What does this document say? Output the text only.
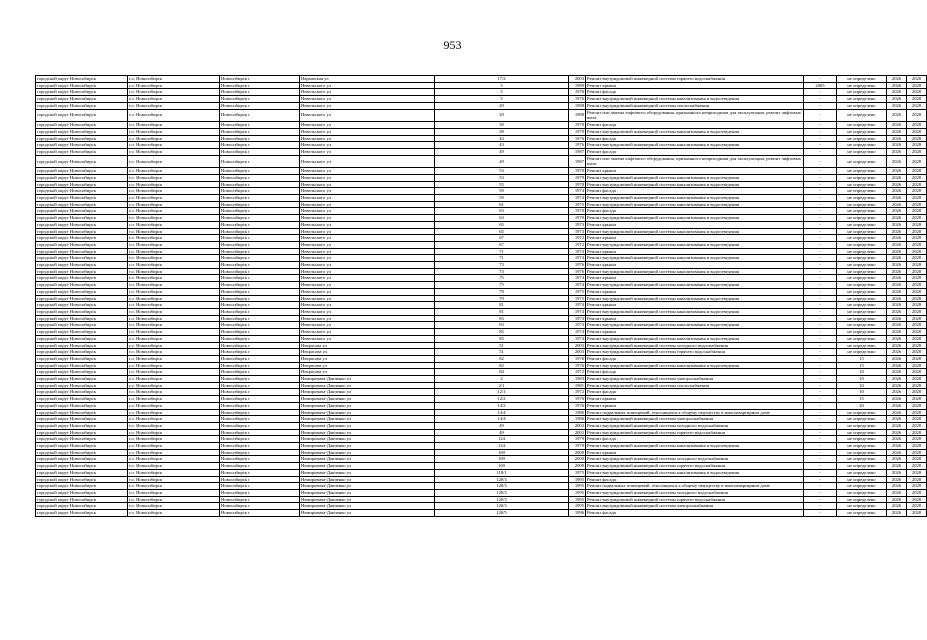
953
городской округ Новосибирск	г.о. Новосибирск	Новосибирск г	Нарымская ул	17/2	2003	Ремонт внутридомовой инженерной системы горячего водоснабжения	-	не определено	2026	2028
городской округ Новосибирск	г.о. Новосибирск	Новосибирск г	Невельского ул	3	1989	Ремонт крыши	2005	не определено	2026	2028
городской округ Новосибирск	г.о. Новосибирск	Новосибирск г	Невельского ул	5	1976	Ремонт фасада	-	не определено	2026	2028
городской округ Новосибирск	г.о. Новосибирск	Новосибирск г	Невельского ул	5	1976	Ремонт внутридомовой инженерной системы канализования и водоотведения	-	не определено	2026	2028
городской округ Новосибирск	г.о. Новосибирск	Новосибирск г	Невельского ул	29	1988	Ремонт внутридомовой инженерной системы теплоснабжения	-	не определено	2026	2028
городской округ Новосибирск	г.о. Новосибирск	Новосибирск г	Невельского ул	29	1988	Ремонт или замена лифтового оборудования, признанного непригодным для эксплуатации, ремонт лифтовых шахт	-	не определено	2026	2028
городской округ Новосибирск	г.о. Новосибирск	Новосибирск г	Невельского ул	39	1979	Ремонт фасада	-	не определено	2026	2028
городской округ Новосибирск	г.о. Новосибирск	Новосибирск г	Невельского ул	39	1979	Ремонт внутридомовой инженерной системы канализования и водоотведения	-	не определено	2026	2028
городской округ Новосибирск	г.о. Новосибирск	Новосибирск г	Невельского ул	43	1976	Ремонт фасада	-	не определено	2026	2028
городской округ Новосибирск	г.о. Новосибирск	Новосибирск г	Невельского ул	43	1976	Ремонт внутридомовой инженерной системы канализования и водоотведения	-	не определено	2026	2028
городской округ Новосибирск	г.о. Новосибирск	Новосибирск г	Невельского ул	49	1987	Ремонт фасада	-	не определено	2026	2028
городской округ Новосибирск	г.о. Новосибирск	Новосибирск г	Невельского ул	49	1987	Ремонт или замена лифтового оборудования, признанного непригодным для эксплуатации, ремонт лифтовых шахт	-	не определено	2026	2028
городской округ Новосибирск	г.о. Новосибирск	Новосибирск г	Невельского ул	53	1979	Ремонт крыши	-	не определено	2026	2028
городской округ Новосибирск	г.о. Новосибирск	Новосибирск г	Невельского ул	53	1979	Ремонт внутридомовой инженерной системы канализования и водоотведения	-	не определено	2026	2028
городской округ Новосибирск	г.о. Новосибирск	Новосибирск г	Невельского ул	55	1978	Ремонт внутридомовой инженерной системы канализования и водоотведения	-	не определено	2026	2028
городской округ Новосибирск	г.о. Новосибирск	Новосибирск г	Невельского ул	59	1974	Ремонт фасада	-	не определено	2026	2028
городской округ Новосибирск	г.о. Новосибирск	Новосибирск г	Невельского ул	59	1974	Ремонт внутридомовой инженерной системы канализования и водоотведения	-	не определено	2026	2028
городской округ Новосибирск	г.о. Новосибирск	Новосибирск г	Невельского ул	61	1975	Ремонт внутридомовой инженерной системы канализования и водоотведения	-	не определено	2026	2028
городской округ Новосибирск	г.о. Новосибирск	Новосибирск г	Невельского ул	63	1970	Ремонт фасада	-	не определено	2026	2028
городской округ Новосибирск	г.о. Новосибирск	Новосибирск г	Невельского ул	63	1970	Ремонт внутридомовой инженерной системы канализования и водоотведения	-	не определено	2026	2028
городской округ Новосибирск	г.о. Новосибирск	Новосибирск г	Невельского ул	65	1973	Ремонт крыши	-	не определено	2026	2028
городской округ Новосибирск	г.о. Новосибирск	Новосибирск г	Невельского ул	65	1973	Ремонт внутридомовой инженерной системы канализования и водоотведения	-	не определено	2026	2028
городской округ Новосибирск	г.о. Новосибирск	Новосибирск г	Невельского ул	67	1972	Ремонт крыши	-	не определено	2026	2028
городской округ Новосибирск	г.о. Новосибирск	Новосибирск г	Невельского ул	67	1972	Ремонт внутридомовой инженерной системы канализования и водоотведения	-	не определено	2026	2028
городской округ Новосибирск	г.о. Новосибирск	Новосибирск г	Невельского ул	71	1974	Ремонт крыши	-	не определено	2026	2028
городской округ Новосибирск	г.о. Новосибирск	Новосибирск г	Невельского ул	71	1974	Ремонт внутридомовой инженерной системы канализования и водоотведения	-	не определено	2026	2028
городской округ Новосибирск	г.о. Новосибирск	Новосибирск г	Невельского ул	73	1976	Ремонт крыши	-	не определено	2026	2028
городской округ Новосибирск	г.о. Новосибирск	Новосибирск г	Невельского ул	73	1976	Ремонт внутридомовой инженерной системы канализования и водоотведения	-	не определено	2026	2028
городской округ Новосибирск	г.о. Новосибирск	Новосибирск г	Невельского ул	75	1974	Ремонт крыши	-	не определено	2026	2028
городской округ Новосибирск	г.о. Новосибирск	Новосибирск г	Невельского ул	75	1974	Ремонт внутридомовой инженерной системы канализования и водоотведения	-	не определено	2026	2028
городской округ Новосибирск	г.о. Новосибирск	Новосибирск г	Невельского ул	79	1975	Ремонт крыши	-	не определено	2026	2028
городской округ Новосибирск	г.о. Новосибирск	Новосибирск г	Невельского ул	79	1975	Ремонт внутридомовой инженерной системы канализования и водоотведения	-	не определено	2026	2028
городской округ Новосибирск	г.о. Новосибирск	Новосибирск г	Невельского ул	81	1974	Ремонт крыши	-	не определено	2026	2028
городской округ Новосибирск	г.о. Новосибирск	Новосибирск г	Невельского ул	81	1974	Ремонт внутридомовой инженерной системы канализования и водоотведения	-	не определено	2026	2028
городской округ Новосибирск	г.о. Новосибирск	Новосибирск г	Невельского ул	83	1973	Ремонт крыши	-	не определено	2026	2028
городской округ Новосибирск	г.о. Новосибирск	Новосибирск г	Невельского ул	83	1973	Ремонт внутридомовой инженерной системы канализования и водоотведения	-	не определено	2026	2028
городской округ Новосибирск	г.о. Новосибирск	Новосибирск г	Невельского ул	85	1974	Ремонт крыши	-	не определено	2026	2028
городской округ Новосибирск	г.о. Новосибирск	Новосибирск г	Невельского ул	85	1974	Ремонт внутридомовой инженерной системы канализования и водоотведения	-	не определено	2026	2028
городской округ Новосибирск	г.о. Новосибирск	Новосибирск г	Некрасова ул	51	2003	Ремонт внутридомовой инженерной системы холодного водоснабжения	-	не определено	2026	2028
городской округ Новосибирск	г.о. Новосибирск	Новосибирск г	Некрасова ул	51	2003	Ремонт внутридомовой инженерной системы горячего водоснабжения	-	не определено	2026	2028
городской округ Новосибирск	г.о. Новосибирск	Новосибирск г	Некрасова ул	82	1976	Ремонт фасада	-	15	2026	2028
городской округ Новосибирск	г.о. Новосибирск	Новосибирск г	Некрасова ул	82	1976	Ремонт внутридомовой инженерной системы канализования и водоотведения	-	15	2026	2028
городской округ Новосибирск	г.о. Новосибирск	Новосибирск г	Некрасова ул	84	1972	Ремонт фасада	-	10	2026	2028
городской округ Новосибирск	г.о. Новосибирск	Новосибирск г	Немировича-Данченко ул	2	1983	Ремонт внутридомовой инженерной системы электроснабжения	-	10	2026	2028
городской округ Новосибирск	г.о. Новосибирск	Новосибирск г	Немировича-Данченко ул	2/1	1981	Ремонт внутридомовой инженерной системы теплоснабжения	-	10	2026	2028
городской округ Новосибирск	г.о. Новосибирск	Новосибирск г	Немировича-Данченко ул	12/1	1972	Ремонт фасада	-	10	2026	2028
городской округ Новосибирск	г.о. Новосибирск	Новосибирск г	Немировича-Данченко ул	12/2	1976	Ремонт крыши	-	15	2026	2028
городской округ Новосибирск	г.о. Новосибирск	Новосибирск г	Немировича-Данченко ул	14/3	1976	Ремонт крыши	-	20	2026	2028
городской округ Новосибирск	г.о. Новосибирск	Новосибирск г	Немировича-Данченко ул	14/4	1986	Ремонт подвальных помещений, относящихся к общему имуществу в многоквартирном доме	-	не определено	2026	2028
городской округ Новосибирск	г.о. Новосибирск	Новосибирск г	Немировича-Данченко ул	14/4	1986	Ремонт внутридомовой инженерной системы электроснабжения	-	не определено	2026	2028
городской округ Новосибирск	г.о. Новосибирск	Новосибирск г	Немировича-Данченко ул	49	2002	Ремонт внутридомовой инженерной системы холодного водоснабжения	-	не определено	2026	2028
городской округ Новосибирск	г.о. Новосибирск	Новосибирск г	Немировича-Данченко ул	49	2002	Ремонт внутридомовой инженерной системы горячего водоснабжения	-	не определено	2026	2028
городской округ Новосибирск	г.о. Новосибирск	Новосибирск г	Немировича-Данченко ул	124	1979	Ремонт фасада	-	не определено	2026	2028
городской округ Новосибирск	г.о. Новосибирск	Новосибирск г	Немировича-Данченко ул	124	1979	Ремонт внутридомовой инженерной системы канализования и водоотведения	-	не определено	2026	2028
городской округ Новосибирск	г.о. Новосибирск	Новосибирск г	Немировича-Данченко ул	169	2000	Ремонт крыши	-	не определено	2026	2028
городской округ Новосибирск	г.о. Новосибирск	Новосибирск г	Немировича-Данченко ул	169	2000	Ремонт внутридомовой инженерной системы холодного водоснабжения	-	не определено	2026	2028
городской округ Новосибирск	г.о. Новосибирск	Новосибирск г	Немировича-Данченко ул	169	2000	Ремонт внутридомовой инженерной системы горячего водоснабжения	-	не определено	2026	2028
городской округ Новосибирск	г.о. Новосибирск	Новосибирск г	Немировича-Данченко ул	118/1	1975	Ремонт внутридомовой инженерной системы канализования и водоотведения	-	не определено	2026	2028
городской округ Новосибирск	г.о. Новосибирск	Новосибирск г	Немировича-Данченко ул	120/3	1995	Ремонт фасада	-	не определено	2026	2028
городской округ Новосибирск	г.о. Новосибирск	Новосибирск г	Немировича-Данченко ул	120/3	1995	Ремонт подвальных помещений, относящихся к общему имуществу в многоквартирном доме	-	не определено	2026	2028
городской округ Новосибирск	г.о. Новосибирск	Новосибирск г	Немировича-Данченко ул	120/3	1995	Ремонт внутридомовой инженерной системы холодного водоснабжения	-	не определено	2026	2028
городской округ Новосибирск	г.о. Новосибирск	Новосибирск г	Немировича-Данченко ул	120/3	1995	Ремонт внутридомовой инженерной системы горячего водоснабжения	-	не определено	2026	2028
городской округ Новосибирск	г.о. Новосибирск	Новосибирск г	Немировича-Данченко ул	120/3	1995	Ремонт внутридомовой инженерной системы электроснабжения	-	не определено	2026	2028
городской округ Новосибирск	г.о. Новосибирск	Новосибирск г	Немировича-Данченко ул	120/5	1996	Ремонт фасада	-	не определено	2026	2028
